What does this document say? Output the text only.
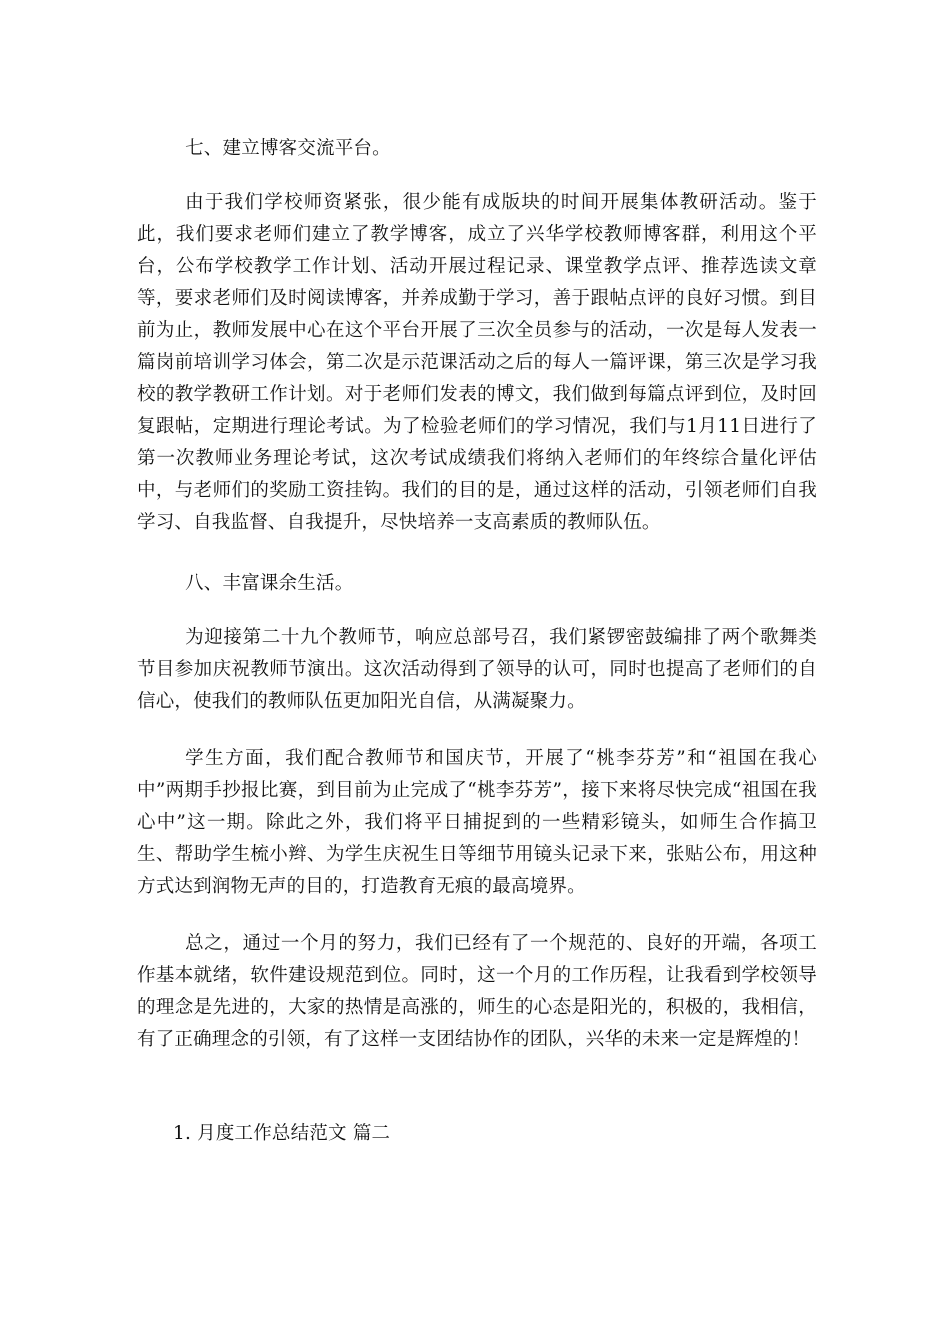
七、建立博客交流平台。

由于我们学校师资紧张，很少能有成版块的时间开展集体教研活动。鉴于此，我们要求老师们建立了教学博客，成立了兴华学校教师博客群，利用这个平台，公布学校教学工作计划、活动开展过程记录、课堂教学点评、推荐选读文章等，要求老师们及时阅读博客，并养成勤于学习，善于跟帖点评的良好习惯。到目前为止，教师发展中心在这个平台开展了三次全员参与的活动，一次是每人发表一篇岗前培训学习体会，第二次是示范课活动之后的每人一篇评课，第三次是学习我校的教学教研工作计划。对于老师们发表的博文，我们做到每篇点评到位，及时回复跟帖，定期进行理论考试。为了检验老师们的学习情况，我们与1月11日进行了第一次教师业务理论考试，这次考试成绩我们将纳入老师们的年终综合量化评估中，与老师们的奖励工资挂钩。我们的目的是，通过这样的活动，引领老师们自我学习、自我监督、自我提升，尽快培养一支高素质的教师队伍。

八、丰富课余生活。

为迎接第二十九个教师节，响应总部号召，我们紧锣密鼓编排了两个歌舞类节目参加庆祝教师节演出。这次活动得到了领导的认可，同时也提高了老师们的自信心，使我们的教师队伍更加阳光自信，从满凝聚力。

学生方面，我们配合教师节和国庆节，开展了“桃李芬芳”和“祖国在我心中”两期手抄报比赛，到目前为止完成了“桃李芬芳”，接下来将尽快完成“祖国在我心中”这一期。除此之外，我们将平日捕捉到的一些精彩镜头，如师生合作搞卫生、帮助学生梳小辫、为学生庆祝生日等细节用镜头记录下来，张贴公布，用这种方式达到润物无声的目的，打造教育无痕的最高境界。

总之，通过一个月的努力，我们已经有了一个规范的、良好的开端，各项工作基本就绪，软件建设规范到位。同时，这一个月的工作历程，让我看到学校领导的理念是先进的，大家的热情是高涨的，师生的心态是阳光的，积极的，我相信，有了正确理念的引领，有了这样一支团结协作的团队，兴华的未来一定是辉煌的！

1. 月度工作总结范文 篇二
